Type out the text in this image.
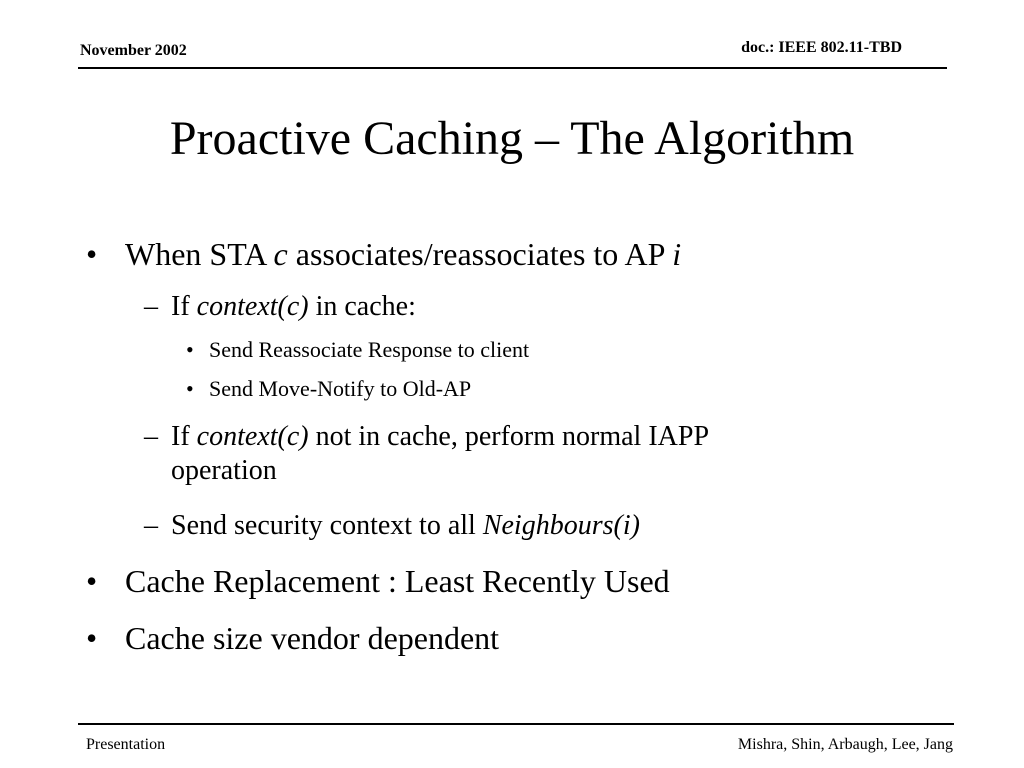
November 2002	doc.: IEEE 802.11-TBD
Proactive Caching – The Algorithm
• When STA c associates/reassociates to AP i
– If context(c) in cache:
• Send Reassociate Response to client
• Send Move-Notify to Old-AP
– If context(c) not in cache, perform normal IAPP
operation
– Send security context to all Neighbours(i)
• Cache Replacement : Least Recently Used
• Cache size vendor dependent
Presentation	Mishra, Shin, Arbaugh, Lee, Jang
